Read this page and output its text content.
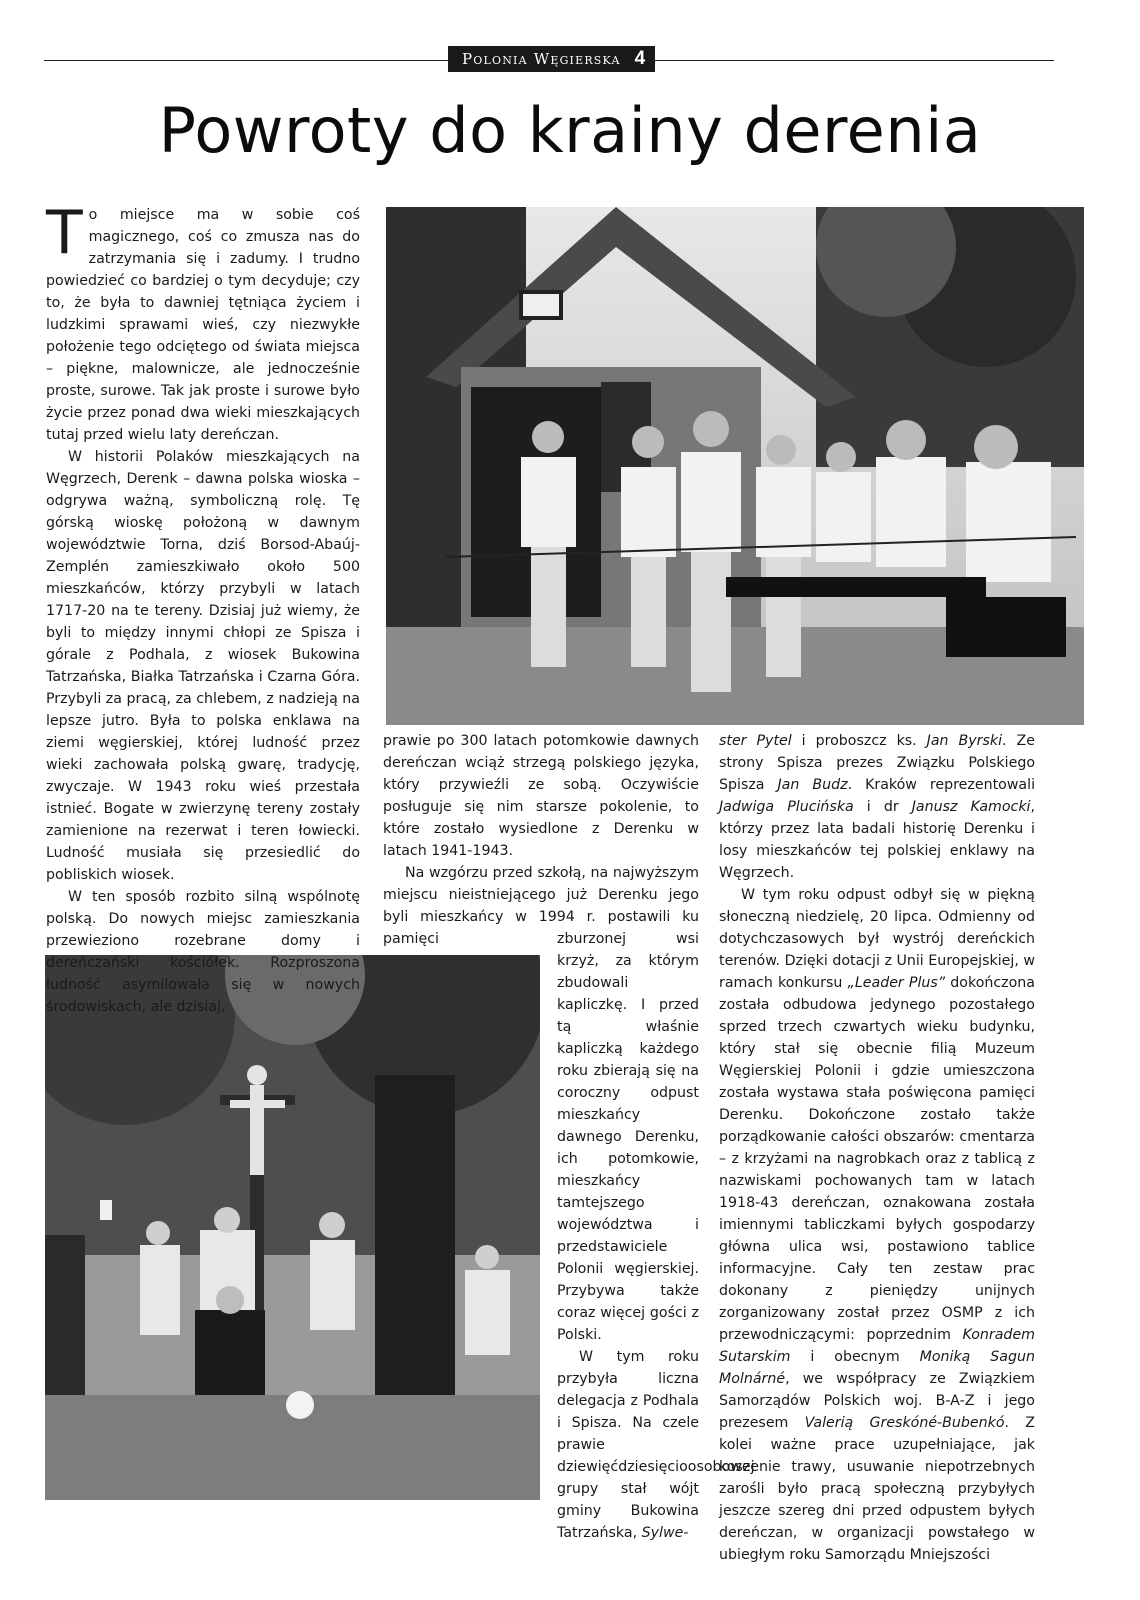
Polonia Węgierska 4
Powroty do krainy derenia

To miejsce ma w sobie coś magicznego, coś co zmusza nas do zatrzymania się i zadumy. I trudno powiedzieć co bardziej o tym decyduje; czy to, że była to dawniej tętniąca życiem i ludzkimi sprawami wieś, czy niezwykłe położenie tego odciętego od świata miejsca – piękne, malownicze, ale jednocześnie proste, surowe. Tak jak proste i surowe było życie przez ponad dwa wieki mieszkających tutaj przed wielu laty dereńczan.

W historii Polaków mieszkających na Węgrzech, Derenk – dawna polska wioska – odgrywa ważną, symboliczną rolę. Tę górską wioskę położoną w dawnym województwie Torna, dziś Borsod-Abaúj-Zemplén zamieszkiwało około 500 mieszkańców, którzy przybyli w latach 1717-20 na te tereny. Dzisiaj już wiemy, że byli to między innymi chłopi ze Spisza i górale z Podhala, z wiosek Bukowina Tatrzańska, Białka Tatrzańska i Czarna Góra. Przybyli za pracą, za chlebem, z nadzieją na lepsze jutro. Była to polska enklawa na ziemi węgierskiej, której ludność przez wieki zachowała polską gwarę, tradycję, zwyczaje. W 1943 roku wieś przestała istnieć. Bogate w zwierzynę tereny zostały zamienione na rezerwat i teren łowiecki. Ludność musiała się przesiedlić do pobliskich wiosek.

W ten sposób rozbito silną wspólnotę polską. Do nowych miejsc zamieszkania przewieziono rozebrane domy i dereńczański kościółek. Rozproszona ludność asymilowała się w nowych środowiskach, ale dzisiaj,

prawie po 300 latach potomkowie dawnych dereńczan wciąż strzegą polskiego języka, który przywieźli ze sobą. Oczywiście posługuje się nim starsze pokolenie, to które zostało wysiedlone z Derenku w latach 1941-1943.

Na wzgórzu przed szkołą, na najwyższym miejscu nieistniejącego już Derenku jego byli mieszkańcy w 1994 r. postawili ku pamięci	zburzonej wsi krzyż, za którym zbudowali kapliczkę. I przed tą właśnie kapliczką każdego roku zbierają się na coroczny odpust mieszkańcy dawnego Derenku, ich potomkowie, mieszkańcy tamtejszego województwa i przedstawiciele Polonii węgierskiej. Przybywa także coraz więcej gości z Polski.

W tym roku przybyła liczna delegacja z Podhala i Spisza. Na czele prawie dziewięćdziesięcioosobowej grupy stał wójt gminy Bukowina Tatrzańska, Sylwe-

ster Pytel i proboszcz ks. Jan Byrski. Ze strony Spisza prezes Związku Polskiego Spisza Jan Budz. Kraków reprezentowali Jadwiga Plucińska i dr Janusz Kamocki, którzy przez lata badali historię Derenku i losy mieszkańców tej polskiej enklawy na Węgrzech.

W tym roku odpust odbył się w piękną słoneczną niedzielę, 20 lipca. Odmienny od dotychczasowych był wystrój dereńckich terenów. Dzięki dotacji z Unii Europejskiej, w ramach konkursu „Leader Plus” dokończona została odbudowa jedynego pozostałego sprzed trzech czwartych wieku budynku, który stał się obecnie filią Muzeum Węgierskiej Polonii i gdzie umieszczona została wystawa stała poświęcona pamięci Derenku. Dokończone zostało także porządkowanie całości obszarów: cmentarza – z krzyżami na nagrobkach oraz z tablicą z nazwiskami pochowanych tam w latach 1918-43 dereńczan, oznakowana została imiennymi tabliczkami byłych gospodarzy główna ulica wsi, postawiono tablice informacyjne. Cały ten zestaw prac dokonany z pieniędzy unijnych zorganizowany został przez OSMP z ich przewodniczącymi: poprzednim Konradem Sutarskim i obecnym Moniką Sagun Molnárné, we współpracy ze Związkiem Samorządów Polskich woj. B-A-Z i jego prezesem Valerią Greskóné-Bubenkó. Z kolei ważne prace uzupełniające, jak koszenie trawy, usuwanie niepotrzebnych zarośli było pracą społeczną przybyłych jeszcze szereg dni przed odpustem byłych dereńczan, w organizacji powstałego w ubiegłym roku Samorządu Mniejszości
